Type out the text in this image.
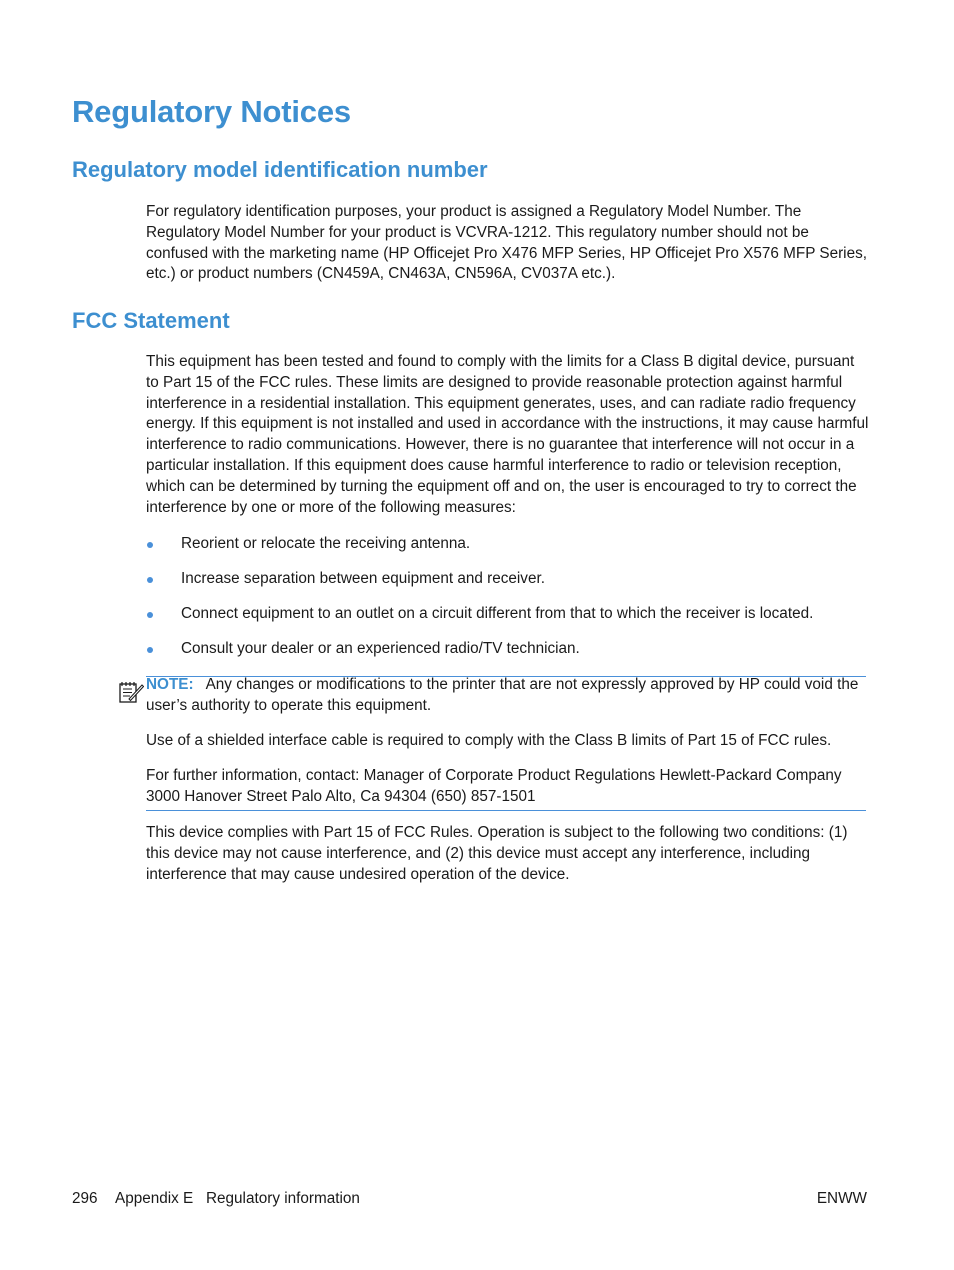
Regulatory Notices
Regulatory model identification number

For regulatory identification purposes, your product is assigned a Regulatory Model Number. The Regulatory Model Number for your product is VCVRA-1212. This regulatory number should not be confused with the marketing name (HP Officejet Pro X476 MFP Series, HP Officejet Pro X576 MFP Series, etc.) or product numbers (CN459A, CN463A, CN596A, CV037A etc.).

FCC Statement

This equipment has been tested and found to comply with the limits for a Class B digital device, pursuant to Part 15 of the FCC rules. These limits are designed to provide reasonable protection against harmful interference in a residential installation. This equipment generates, uses, and can radiate radio frequency energy. If this equipment is not installed and used in accordance with the instructions, it may cause harmful interference to radio communications. However, there is no guarantee that interference will not occur in a particular installation. If this equipment does cause harmful interference to radio or television reception, which can be determined by turning the equipment off and on, the user is encouraged to try to correct the interference by one or more of the following measures:

Reorient or relocate the receiving antenna.
Increase separation between equipment and receiver.
Connect equipment to an outlet on a circuit different from that to which the receiver is located.
Consult your dealer or an experienced radio/TV technician.

NOTE: Any changes or modifications to the printer that are not expressly approved by HP could void the user’s authority to operate this equipment.

Use of a shielded interface cable is required to comply with the Class B limits of Part 15 of FCC rules.

For further information, contact: Manager of Corporate Product Regulations Hewlett-Packard Company 3000 Hanover Street Palo Alto, Ca 94304 (650) 857-1501

This device complies with Part 15 of FCC Rules. Operation is subject to the following two conditions: (1) this device may not cause interference, and (2) this device must accept any interference, including interference that may cause undesired operation of the device.

296 Appendix E   Regulatory information	ENWW
